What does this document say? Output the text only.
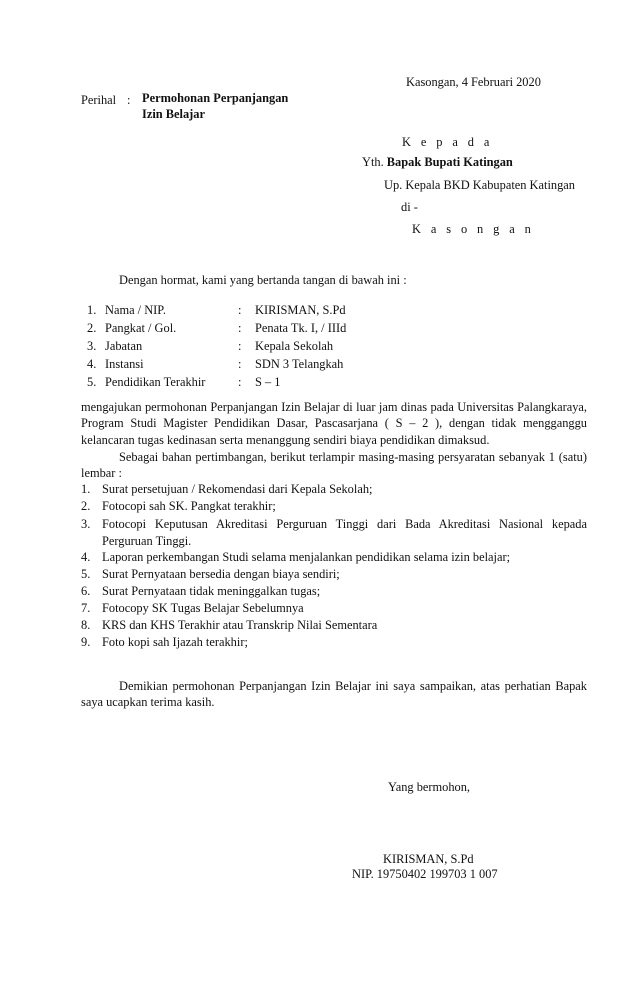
Kasongan, 4 Februari 2020
Perihal : Permohonan Perpanjangan
Izin Belajar
K e p a d a
Yth. Bapak Bupati Katingan
Up. Kepala BKD Kabupaten Katingan
di -
K a s o n g a n
Dengan hormat, kami yang bertanda tangan di bawah ini :
1. Nama / NIP.	: KIRISMAN, S.Pd
2. Pangkat / Gol.	: Penata Tk. I, / IIId
3. Jabatan	: Kepala Sekolah
4. Instansi	: SDN 3 Telangkah
5. Pendidikan Terakhir	: S – 1
mengajukan permohonan Perpanjangan Izin Belajar di luar jam dinas pada Universitas Palangkaraya, Program Studi Magister Pendidikan Dasar, Pascasarjana ( S – 2 ), dengan tidak mengganggu kelancaran tugas kedinasan serta menanggung sendiri biaya pendidikan dimaksud.
Sebagai bahan pertimbangan, berikut terlampir masing-masing persyaratan sebanyak 1 (satu) lembar :
1. Surat persetujuan / Rekomendasi dari Kepala Sekolah;
2. Fotocopi sah SK. Pangkat terakhir;
3. Fotocopi Keputusan Akreditasi Perguruan Tinggi dari Bada Akreditasi Nasional kepada Perguruan Tinggi.
4. Laporan perkembangan Studi selama menjalankan pendidikan selama izin belajar;
5. Surat Pernyataan bersedia dengan biaya sendiri;
6. Surat Pernyataan tidak meninggalkan tugas;
7. Fotocopy SK Tugas Belajar Sebelumnya
8. KRS dan KHS Terakhir atau Transkrip Nilai Sementara
9. Foto kopi sah Ijazah terakhir;
Demikian permohonan Perpanjangan Izin Belajar ini saya sampaikan, atas perhatian Bapak saya ucapkan terima kasih.
Yang bermohon,
KIRISMAN, S.Pd
NIP. 19750402 199703 1 007
